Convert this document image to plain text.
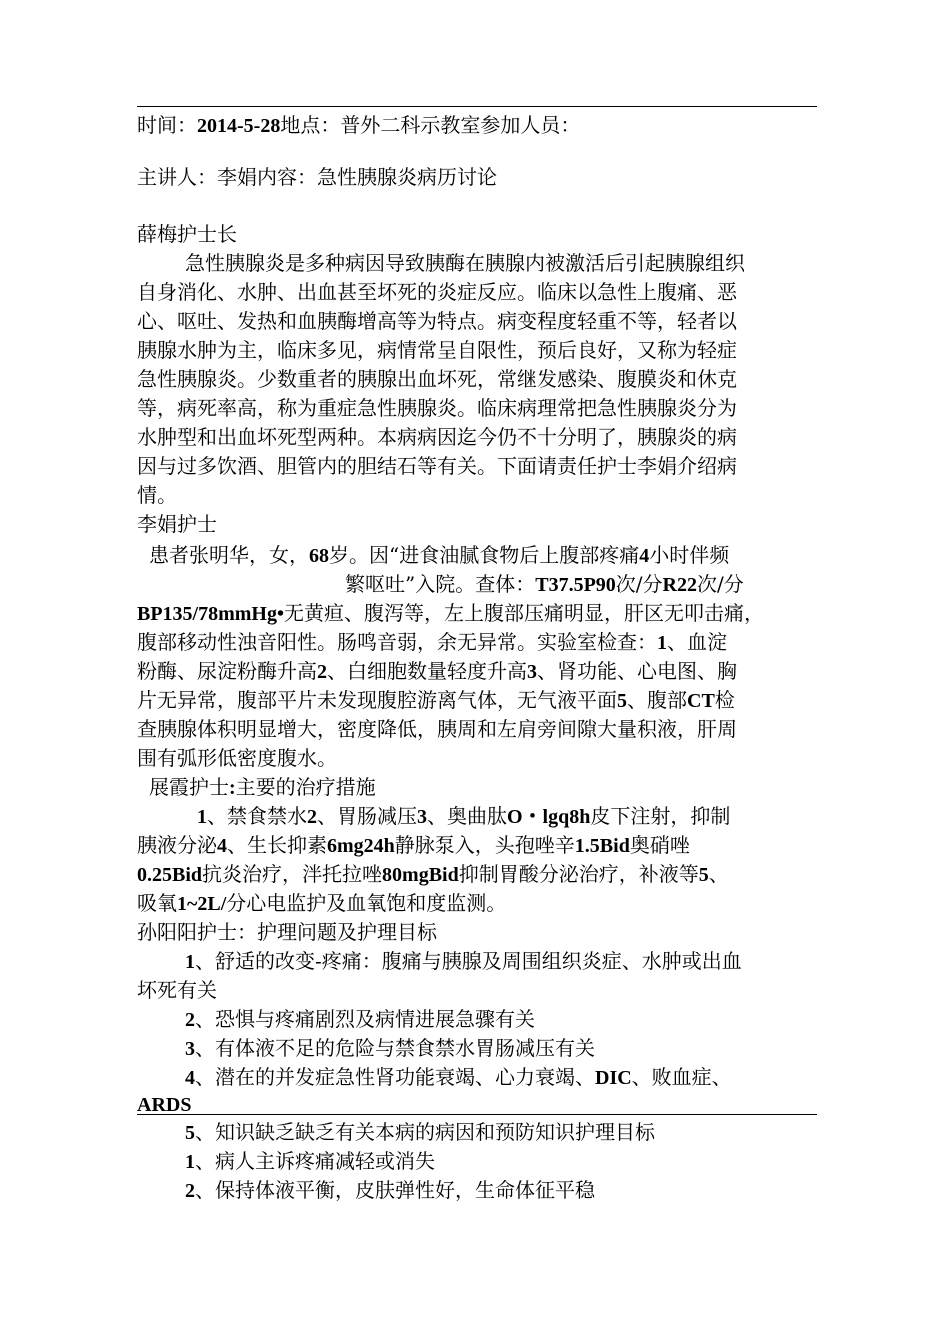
时间：2014-5-28地点：普外二科示教室参加人员：
主讲人：李娟内容：急性胰腺炎病历讨论
薛梅护士长
急性胰腺炎是多种病因导致胰酶在胰腺内被激活后引起胰腺组织
自身消化、水肿、出血甚至坏死的炎症反应。临床以急性上腹痛、恶
心、呕吐、发热和血胰酶增高等为特点。病变程度轻重不等，轻者以
胰腺水肿为主，临床多见，病情常呈自限性，预后良好，又称为轻症
急性胰腺炎。少数重者的胰腺出血坏死，常继发感染、腹膜炎和休克
等，病死率高，称为重症急性胰腺炎。临床病理常把急性胰腺炎分为
水肿型和出血坏死型两种。本病病因迄今仍不十分明了，胰腺炎的病
因与过多饮酒、胆管内的胆结石等有关。下面请责任护士李娟介绍病
情。
李娟护士
患者张明华，女，68岁。因“进食油腻食物后上腹部疼痛4小时伴频
繁呕吐”入院。查体：T37.5P90次/分R22次/分
BP135/78mmHg•无黄疸、腹泻等，左上腹部压痛明显，肝区无叩击痛，
腹部移动性浊音阳性。肠鸣音弱，余无异常。实验室检查：1、血淀
粉酶、尿淀粉酶升高2、白细胞数量轻度升高3、肾功能、心电图、胸
片无异常，腹部平片未发现腹腔游离气体，无气液平面5、腹部CT检
查胰腺体积明显增大，密度降低，胰周和左肩旁间隙大量积液，肝周
围有弧形低密度腹水。
展霞护士:主要的治疗措施
1、禁食禁水2、胃肠减压3、奥曲肽O・lgq8h皮下注射，抑制
胰液分泌4、生长抑素6mg24h静脉泵入，头孢唑辛1.5Bid奥硝唑
0.25Bid抗炎治疗，泮托拉唑80mgBid抑制胃酸分泌治疗，补液等5、
吸氧1~2L/分心电监护及血氧饱和度监测。
孙阳阳护士：护理问题及护理目标
1、舒适的改变-疼痛：腹痛与胰腺及周围组织炎症、水肿或出血
坏死有关
2、恐惧与疼痛剧烈及病情进展急骤有关
3、有体液不足的危险与禁食禁水胃肠减压有关
4、潜在的并发症急性肾功能衰竭、心力衰竭、DIC、败血症、
ARDS
5、知识缺乏缺乏有关本病的病因和预防知识护理目标
1、病人主诉疼痛减轻或消失
2、保持体液平衡，皮肤弹性好，生命体征平稳
